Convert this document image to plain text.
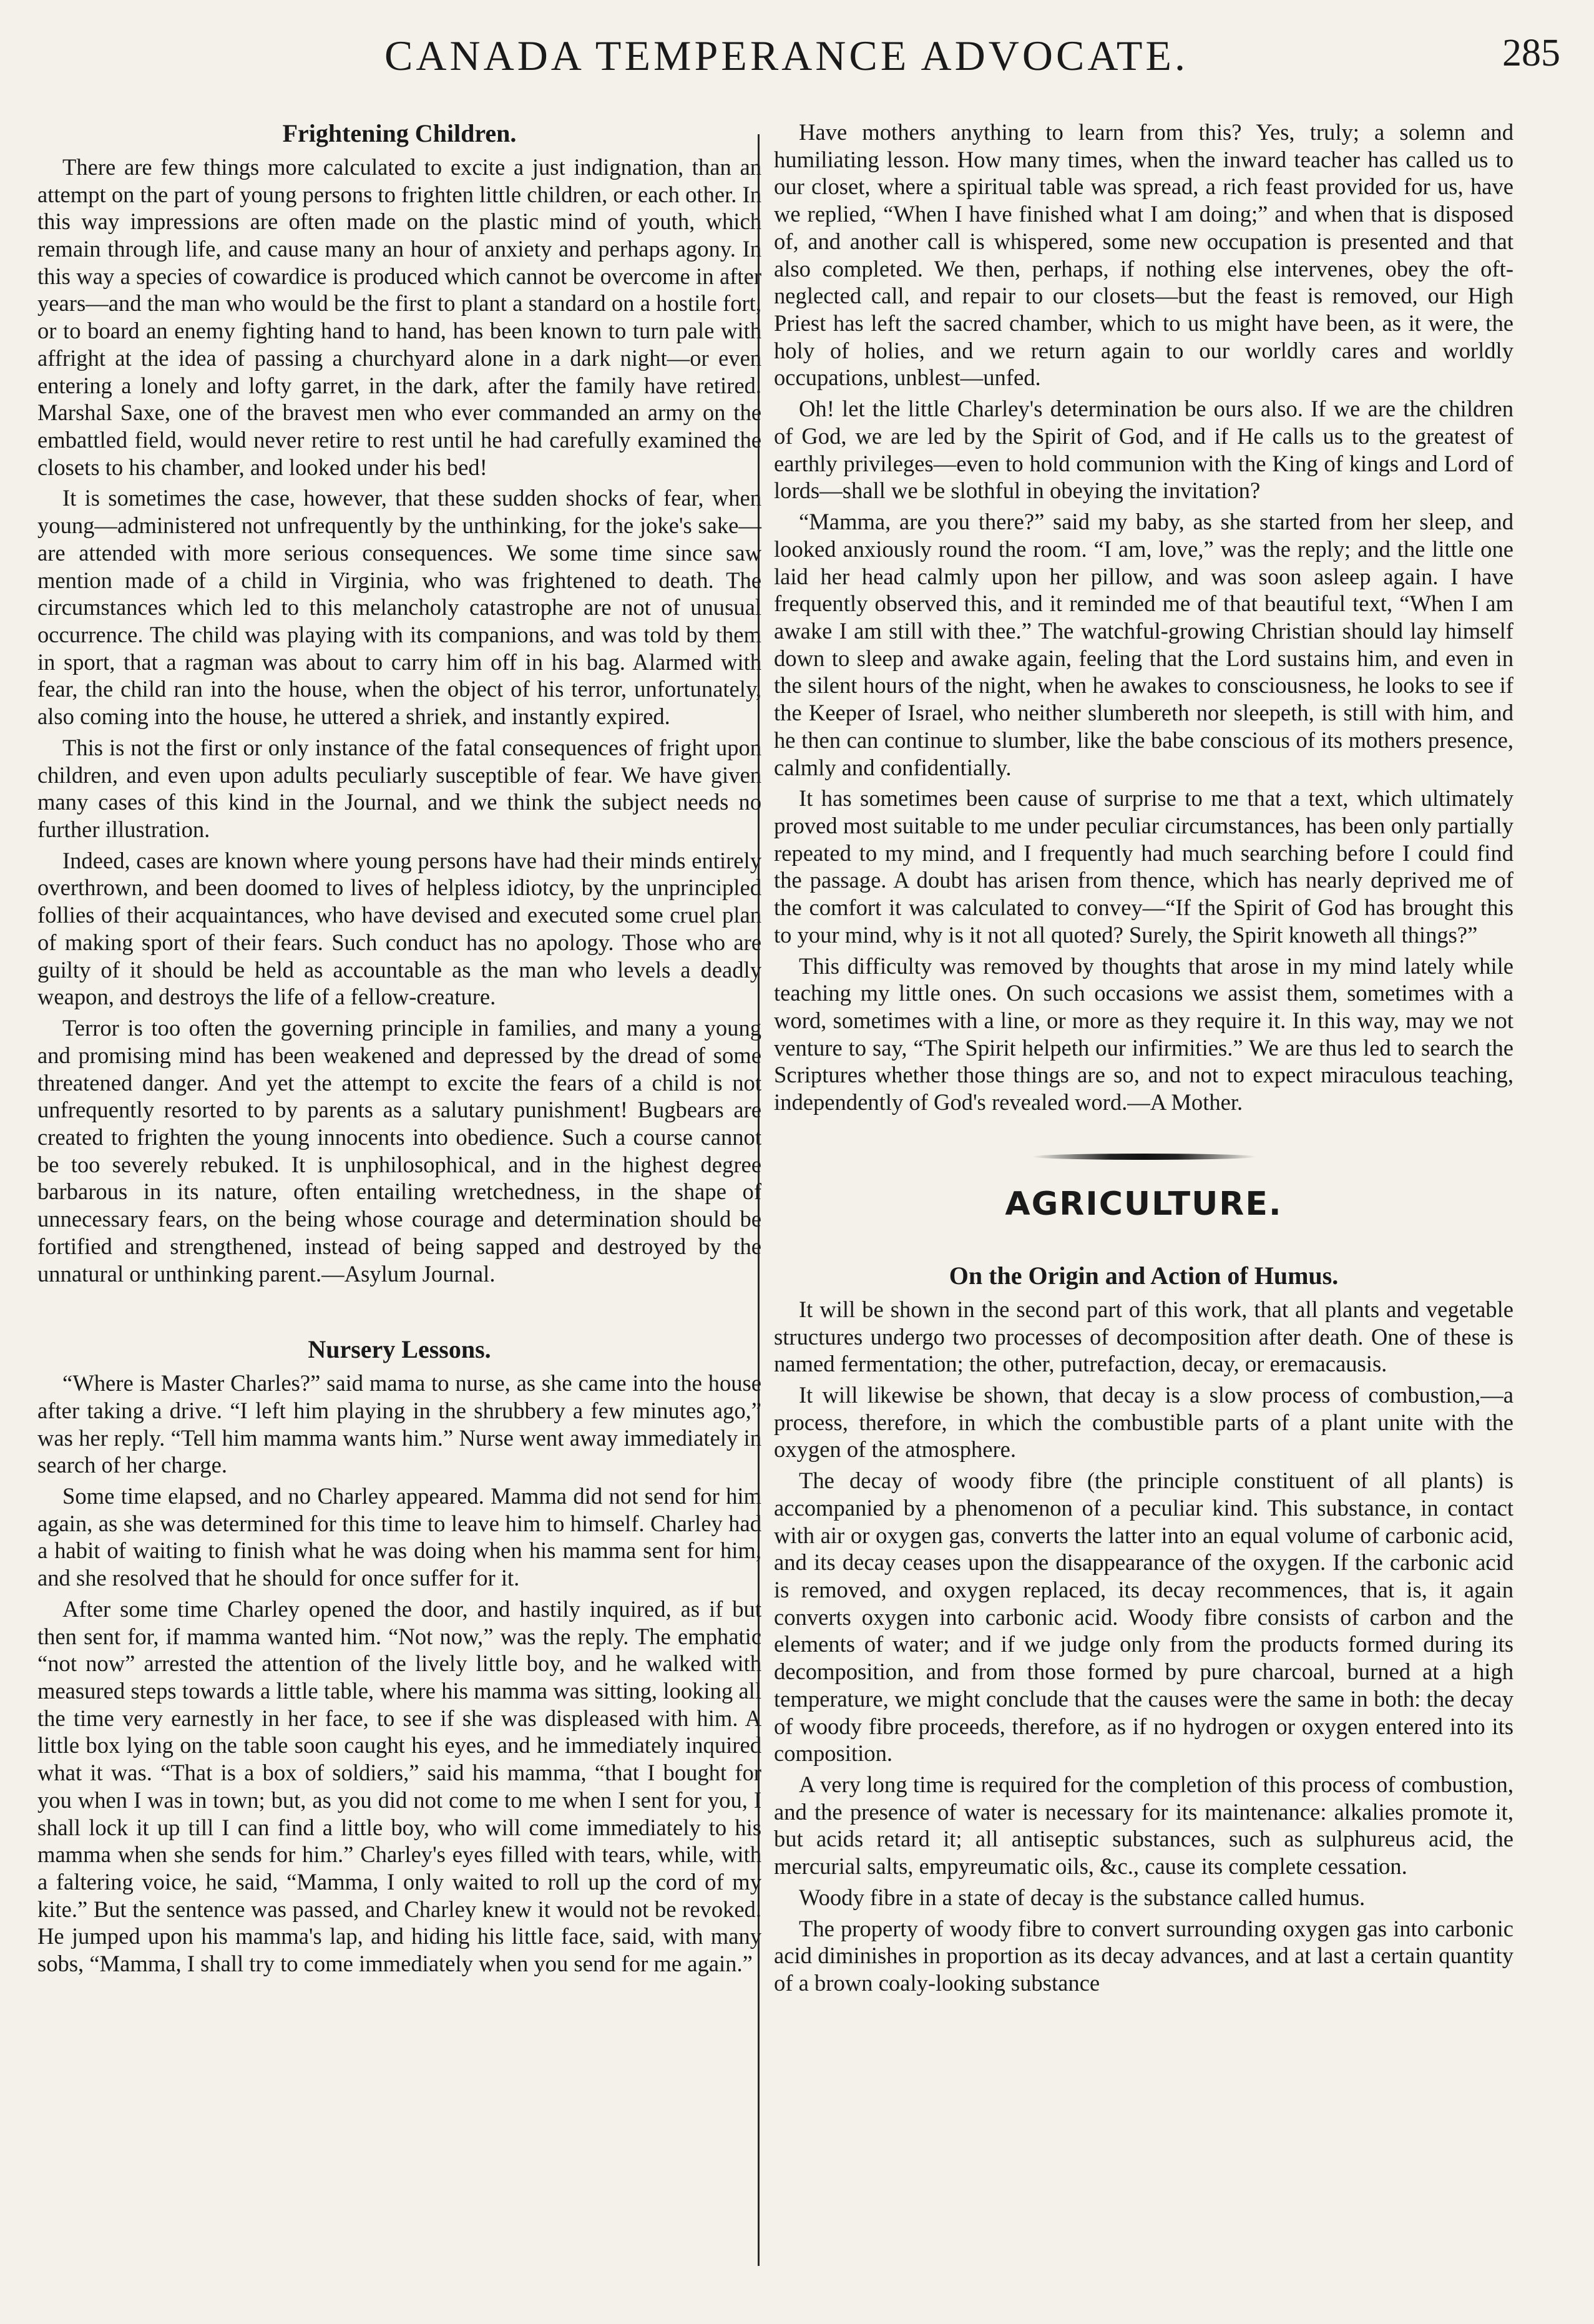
CANADA TEMPERANCE ADVOCATE.	285
Frightening Children.

There are few things more calculated to excite a just indignation, than an attempt on the part of young persons to frighten little children, or each other. In this way impressions are often made on the plastic mind of youth, which remain through life, and cause many an hour of anxiety and perhaps agony. In this way a species of cowardice is produced which cannot be overcome in after years—and the man who would be the first to plant a standard on a hostile fort, or to board an enemy fighting hand to hand, has been known to turn pale with affright at the idea of passing a churchyard alone in a dark night—or even entering a lonely and lofty garret, in the dark, after the family have retired. Marshal Saxe, one of the bravest men who ever commanded an army on the embattled field, would never retire to rest until he had carefully examined the closets to his chamber, and looked under his bed!

It is sometimes the case, however, that these sudden shocks of fear, when young—administered not unfrequently by the unthinking, for the joke's sake—are attended with more serious consequences. We some time since saw mention made of a child in Virginia, who was frightened to death. The circumstances which led to this melancholy catastrophe are not of unusual occurrence. The child was playing with its companions, and was told by them in sport, that a ragman was about to carry him off in his bag. Alarmed with fear, the child ran into the house, when the object of his terror, unfortunately, also coming into the house, he uttered a shriek, and instantly expired.

This is not the first or only instance of the fatal consequences of fright upon children, and even upon adults peculiarly susceptible of fear. We have given many cases of this kind in the Journal, and we think the subject needs no further illustration.

Indeed, cases are known where young persons have had their minds entirely overthrown, and been doomed to lives of helpless idiotcy, by the unprincipled follies of their acquaintances, who have devised and executed some cruel plan of making sport of their fears. Such conduct has no apology. Those who are guilty of it should be held as accountable as the man who levels a deadly weapon, and destroys the life of a fellow-creature.

Terror is too often the governing principle in families, and many a young and promising mind has been weakened and depressed by the dread of some threatened danger. And yet the attempt to excite the fears of a child is not unfrequently resorted to by parents as a salutary punishment! Bugbears are created to frighten the young innocents into obedience. Such a course cannot be too severely rebuked. It is unphilosophical, and in the highest degree barbarous in its nature, often entailing wretchedness, in the shape of unnecessary fears, on the being whose courage and determination should be fortified and strengthened, instead of being sapped and destroyed by the unnatural or unthinking parent.—Asylum Journal.

Nursery Lessons.

“Where is Master Charles?” said mama to nurse, as she came into the house after taking a drive. “I left him playing in the shrubbery a few minutes ago,” was her reply. “Tell him mamma wants him.” Nurse went away immediately in search of her charge.

Some time elapsed, and no Charley appeared. Mamma did not send for him again, as she was determined for this time to leave him to himself. Charley had a habit of waiting to finish what he was doing when his mamma sent for him, and she resolved that he should for once suffer for it.

After some time Charley opened the door, and hastily inquired, as if but then sent for, if mamma wanted him. “Not now,” was the reply. The emphatic “not now” arrested the attention of the lively little boy, and he walked with measured steps towards a little table, where his mamma was sitting, looking all the time very earnestly in her face, to see if she was displeased with him. A little box lying on the table soon caught his eyes, and he immediately inquired what it was. “That is a box of soldiers,” said his mamma, “that I bought for you when I was in town; but, as you did not come to me when I sent for you, I shall lock it up till I can find a little boy, who will come immediately to his mamma when she sends for him.” Charley's eyes filled with tears, while, with a faltering voice, he said, “Mamma, I only waited to roll up the cord of my kite.” But the sentence was passed, and Charley knew it would not be revoked. He jumped upon his mamma's lap, and hiding his little face, said, with many sobs, “Mamma, I shall try to come immediately when you send for me again.”

Have mothers anything to learn from this? Yes, truly; a solemn and humiliating lesson. How many times, when the inward teacher has called us to our closet, where a spiritual table was spread, a rich feast provided for us, have we replied, “When I have finished what I am doing;” and when that is disposed of, and another call is whispered, some new occupation is presented and that also completed. We then, perhaps, if nothing else intervenes, obey the oft-neglected call, and repair to our closets—but the feast is removed, our High Priest has left the sacred chamber, which to us might have been, as it were, the holy of holies, and we return again to our worldly cares and worldly occupations, unblest—unfed.

Oh! let the little Charley's determination be ours also. If we are the children of God, we are led by the Spirit of God, and if He calls us to the greatest of earthly privileges—even to hold communion with the King of kings and Lord of lords—shall we be slothful in obeying the invitation?

“Mamma, are you there?” said my baby, as she started from her sleep, and looked anxiously round the room. “I am, love,” was the reply; and the little one laid her head calmly upon her pillow, and was soon asleep again. I have frequently observed this, and it reminded me of that beautiful text, “When I am awake I am still with thee.” The watchful-growing Christian should lay himself down to sleep and awake again, feeling that the Lord sustains him, and even in the silent hours of the night, when he awakes to consciousness, he looks to see if the Keeper of Israel, who neither slumbereth nor sleepeth, is still with him, and he then can continue to slumber, like the babe conscious of its mothers presence, calmly and confidentially.

It has sometimes been cause of surprise to me that a text, which ultimately proved most suitable to me under peculiar circumstances, has been only partially repeated to my mind, and I frequently had much searching before I could find the passage. A doubt has arisen from thence, which has nearly deprived me of the comfort it was calculated to convey—“If the Spirit of God has brought this to your mind, why is it not all quoted? Surely, the Spirit knoweth all things?”

This difficulty was removed by thoughts that arose in my mind lately while teaching my little ones. On such occasions we assist them, sometimes with a word, sometimes with a line, or more as they require it. In this way, may we not venture to say, “The Spirit helpeth our infirmities.” We are thus led to search the Scriptures whether those things are so, and not to expect miraculous teaching, independently of God's revealed word.—A Mother.

AGRICULTURE.
On the Origin and Action of Humus.

It will be shown in the second part of this work, that all plants and vegetable structures undergo two processes of decomposition after death. One of these is named fermentation; the other, putrefaction, decay, or eremacausis.

It will likewise be shown, that decay is a slow process of combustion,—a process, therefore, in which the combustible parts of a plant unite with the oxygen of the atmosphere.

The decay of woody fibre (the principle constituent of all plants) is accompanied by a phenomenon of a peculiar kind. This substance, in contact with air or oxygen gas, converts the latter into an equal volume of carbonic acid, and its decay ceases upon the disappearance of the oxygen. If the carbonic acid is removed, and oxygen replaced, its decay recommences, that is, it again converts oxygen into carbonic acid. Woody fibre consists of carbon and the elements of water; and if we judge only from the products formed during its decomposition, and from those formed by pure charcoal, burned at a high temperature, we might conclude that the causes were the same in both: the decay of woody fibre proceeds, therefore, as if no hydrogen or oxygen entered into its composition.

A very long time is required for the completion of this process of combustion, and the presence of water is necessary for its maintenance: alkalies promote it, but acids retard it; all antiseptic substances, such as sulphureus acid, the mercurial salts, empyreumatic oils, &c., cause its complete cessation.

Woody fibre in a state of decay is the substance called humus.

The property of woody fibre to convert surrounding oxygen gas into carbonic acid diminishes in proportion as its decay advances, and at last a certain quantity of a brown coaly-looking substance
